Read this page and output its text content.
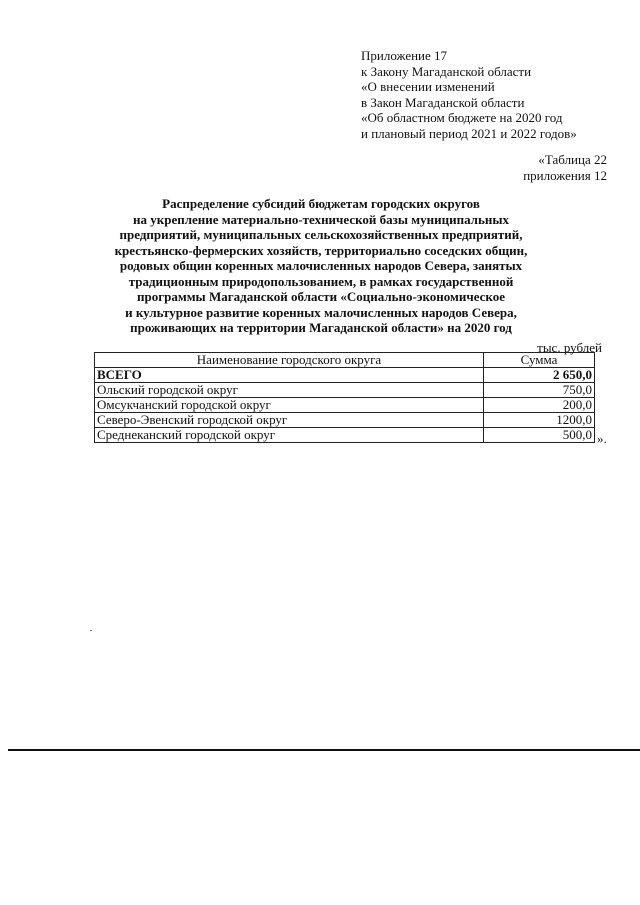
Приложение 17
к Закону Магаданской области
«О внесении изменений
в Закон Магаданской области
«Об областном бюджете на 2020 год
и плановый период 2021 и 2022 годов»
«Таблица 22
приложения 12
Распределение субсидий бюджетам городских округов
на укрепление материально-технической базы муниципальных
предприятий, муниципальных сельскохозяйственных предприятий,
крестьянско-фермерских хозяйств, территориально соседских общин,
родовых общин коренных малочисленных народов Севера, занятых
традиционным природопользованием, в рамках государственной
программы Магаданской области «Социально-экономическое
и культурное развитие коренных малочисленных народов Севера,
проживающих на территории Магаданской области» на 2020 год
тыс. рублей
Наименование городского округа	Сумма
ВСЕГО	2 650,0
Ольский городской округ	750,0
Омсукчанский городской округ	200,0
Северо-Эвенский городской округ	1200,0
Среднеканский городской округ	500,0 ».
